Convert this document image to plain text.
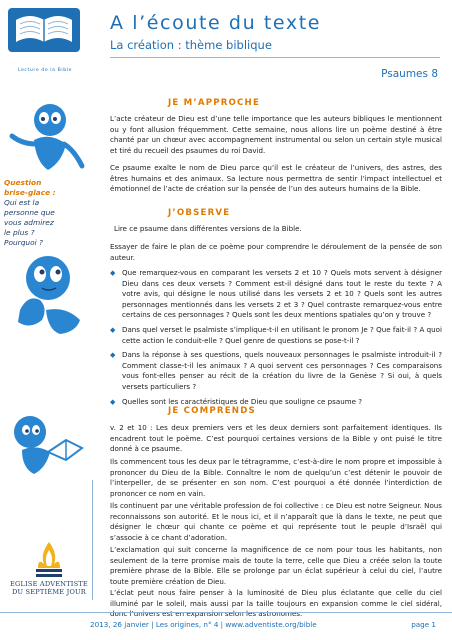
Lecture de la Bible
A l’écoute du texte
La création : thème biblique
Psaumes 8
JE M’APPROCHE

L’acte créateur de Dieu est d’une telle importance que les auteurs bibliques le mentionnent ou y font allusion fréquemment. Cette semaine, nous allons lire un poème destiné à être chanté par un chœur avec accompagnement instrumental ou selon un certain style musical et tiré du recueil des psaumes du roi David.

Ce psaume exalte le nom de Dieu parce qu’il est le créateur de l’univers, des astres, des êtres humains et des animaux. Sa lecture nous permettra de sentir l’impact intellectuel et émotionnel de l’acte de création sur la pensée de l’un des auteurs humains de la Bible.

Question brise-glace :
Qui est la personne que vous admirez le plus ? Pourquoi ?
J’OBSERVE

Lire ce psaume dans différentes versions de la Bible.

Essayer de faire le plan de ce poème pour comprendre le déroulement de la pensée de son auteur.

◆ Que remarquez-vous en comparant les versets 2 et 10 ? Quels mots servent à désigner Dieu dans ces deux versets ? Comment est-il désigné dans tout le reste du texte ? A votre avis, qui désigne le nous utilisé dans les versets 2 et 10 ? Quels sont les autres personnages mentionnés dans les versets 2 et 3 ? Quel contraste remarquez-vous entre certains de ces personnages ? Quels sont les deux mentions spatiales qu’on y trouve ?
◆ Dans quel verset le psalmiste s’implique-t-il en utilisant le pronom Je ? Que fait-il ? A quoi cette action le conduit-elle ? Quel genre de questions se pose-t-il ?
◆ Dans la réponse à ses questions, quels nouveaux personnages le psalmiste introduit-il ? Comment classe-t-il les animaux ? A quoi servent ces personnages ? Ces comparaisons vous font-elles penser au récit de la création du livre de la Genèse ? Si oui, à quels versets particuliers ?
◆ Quelles sont les caractéristiques de Dieu que souligne ce psaume ?
JE COMPRENDS

v. 2 et 10 : Les deux premiers vers et les deux derniers sont parfaitement identiques. Ils encadrent tout le poème. C’est pourquoi certaines versions de la Bible y ont puisé le titre donné à ce psaume.

Ils commencent tous les deux par le tétragramme, c’est-à-dire le nom propre et impossible à prononcer du Dieu de la Bible. Connaître le nom de quelqu’un c’est détenir le pouvoir de l’interpeller, de se présenter en son nom. C’est pourquoi a été donnée l’interdiction de prononcer ce nom en vain.

Ils continuent par une véritable profession de foi collective : ce Dieu est notre Seigneur. Nous reconnaissons son autorité. Et le nous ici, et il n’apparaît que là dans le texte, ne peut que désigner le chœur qui chante ce poème et qui représente tout le peuple d’Israël qui s’associe à ce chant d’adoration.

L’exclamation qui suit concerne la magnificence de ce nom pour tous les habitants, non seulement de la terre promise mais de toute la terre, celle que Dieu a créée selon la toute première phrase de la Bible. Elle se prolonge par un éclat supérieur à celui du ciel, l’autre toute première création de Dieu.

L’éclat peut nous faire penser à la luminosité de Dieu plus éclatante que celle du ciel illuminé par le soleil, mais aussi par la taille toujours en expansion comme le ciel sidéral, donc l’univers est en expansion selon les astronomes.

EGLISE ADVENTISTE
DU SEPTIÈME JOUR
2013, 26 janvier | Les origines, n° 4 | www.adventiste.org/bible	page 1
